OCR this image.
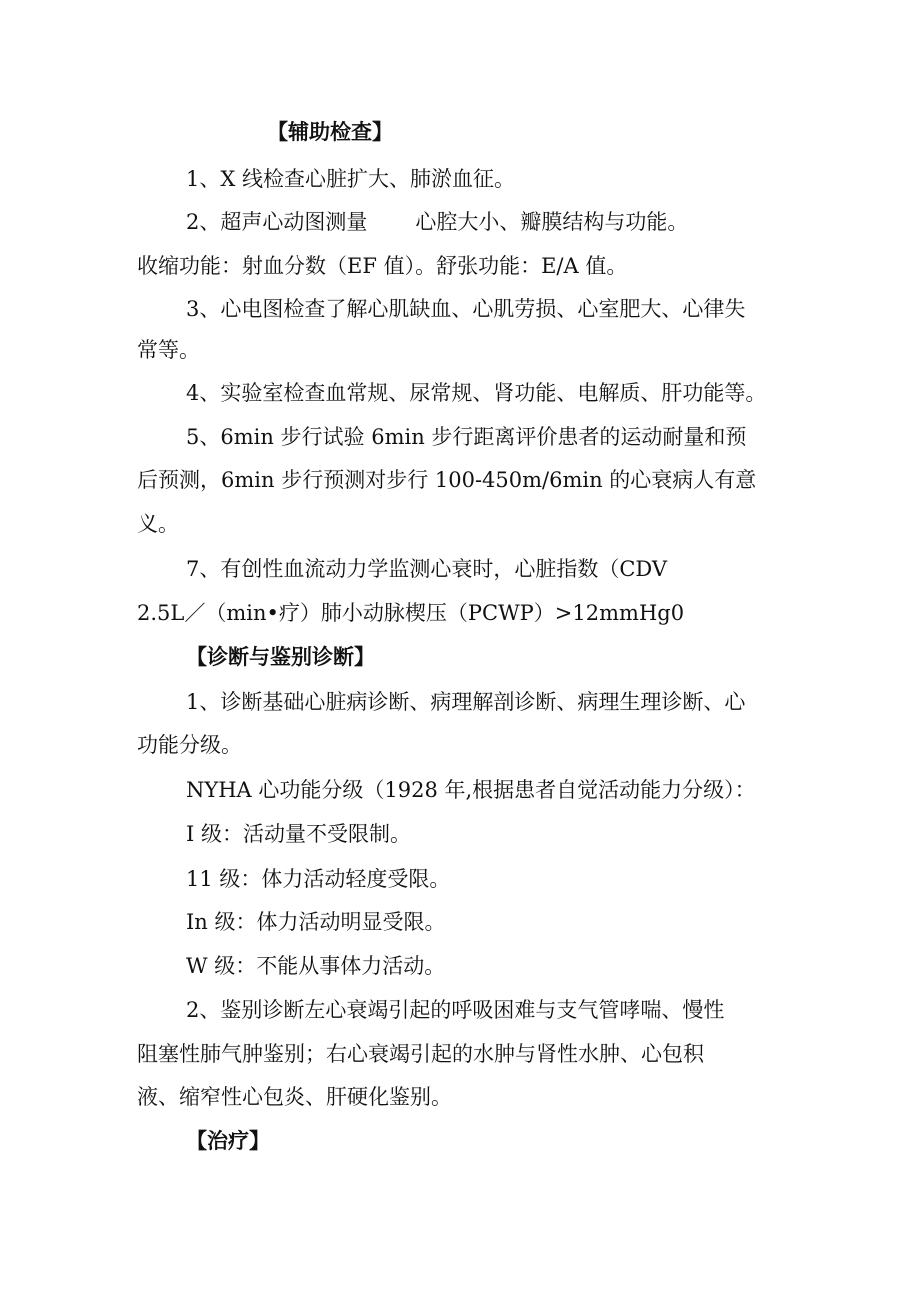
【辅助检查】
1、X 线检查心脏扩大、肺淤血征。
2、超声心动图测量 心腔大小、瓣膜结构与功能。
收缩功能：射血分数（EF 值）。舒张功能：E/A 值。
3、心电图检查了解心肌缺血、心肌劳损、心室肥大、心律失
常等。
4、实验室检查血常规、尿常规、肾功能、电解质、肝功能等。
5、6min 步行试验 6min 步行距离评价患者的运动耐量和预
后预测，6min 步行预测对步行 100-450m/6min 的心衰病人有意
义。
7、有创性血流动力学监测心衰时，心脏指数（CDV
2.5L／（min•疗）肺小动脉楔压（PCWP）>12mmHg0
【诊断与鉴别诊断】
1、诊断基础心脏病诊断、病理解剖诊断、病理生理诊断、心
功能分级。
NYHA 心功能分级（1928 年,根据患者自觉活动能力分级）：
I 级：活动量不受限制。
11 级：体力活动轻度受限。
In 级：体力活动明显受限。
W 级：不能从事体力活动。
2、鉴别诊断左心衰竭引起的呼吸困难与支气管哮喘、慢性
阻塞性肺气肿鉴别；右心衰竭引起的水肿与肾性水肿、心包积
液、缩窄性心包炎、肝硬化鉴别。
【治疗】
